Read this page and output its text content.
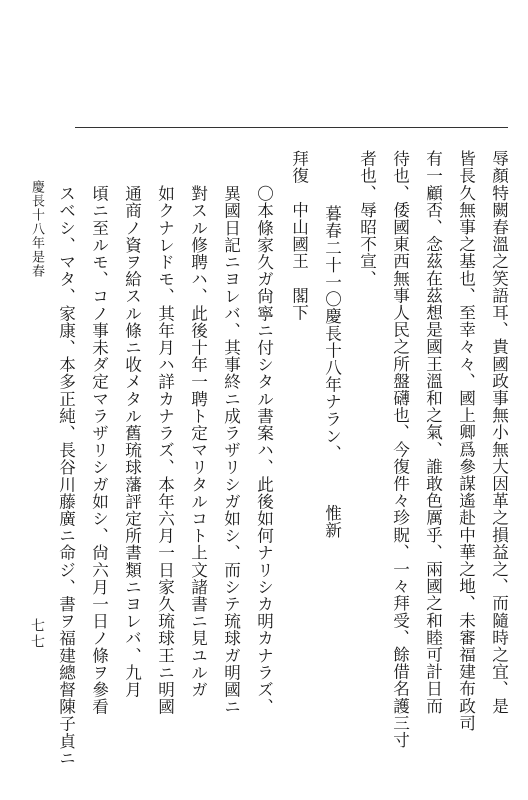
慶長十八年是春
七七	辱顏特闕春溫之笑語耳、貴國政事無小無大因革之損益之、而隨時之宜、是
皆長久無事之基也、至幸々々、國上卿爲參謀遙赴中華之地、未審福建布政司
有一顧否、念茲在茲想是國王溫和之氣、誰敢色厲乎、兩國之和睦可計日而
待也、倭國東西無事人民之所盤礴也、今復件々珍貺、一々拜受、餘借名護三寸
者也、辱昭不宣、
暮春二十一〇慶長十八年ナラン、　　　惟新
拜復　中山國王　閣下
〇本條家久ガ尙寧ニ付シタル書案ハ、此後如何ナリシカ明カナラズ、
異國日記ニヨレバ、其事終ニ成ラザリシガ如シ、而シテ琉球ガ明國ニ
對スル修聘ハ、此後十年一聘ト定マリタルコト上文諸書ニ見ユルガ
如クナレドモ、其年月ハ詳カナラズ、本年六月一日家久琉球王ニ明國
通商ノ資ヲ給スル條ニ收メタル舊琉球藩評定所書類ニヨレバ、九月
頃ニ至ルモ、コノ事未ダ定マラザリシガ如シ、尙六月一日ノ條ヲ參看
スベシ、マタ、家康、本多正純、長谷川藤廣ニ命ジ、書ヲ福建總督陳子貞ニ
